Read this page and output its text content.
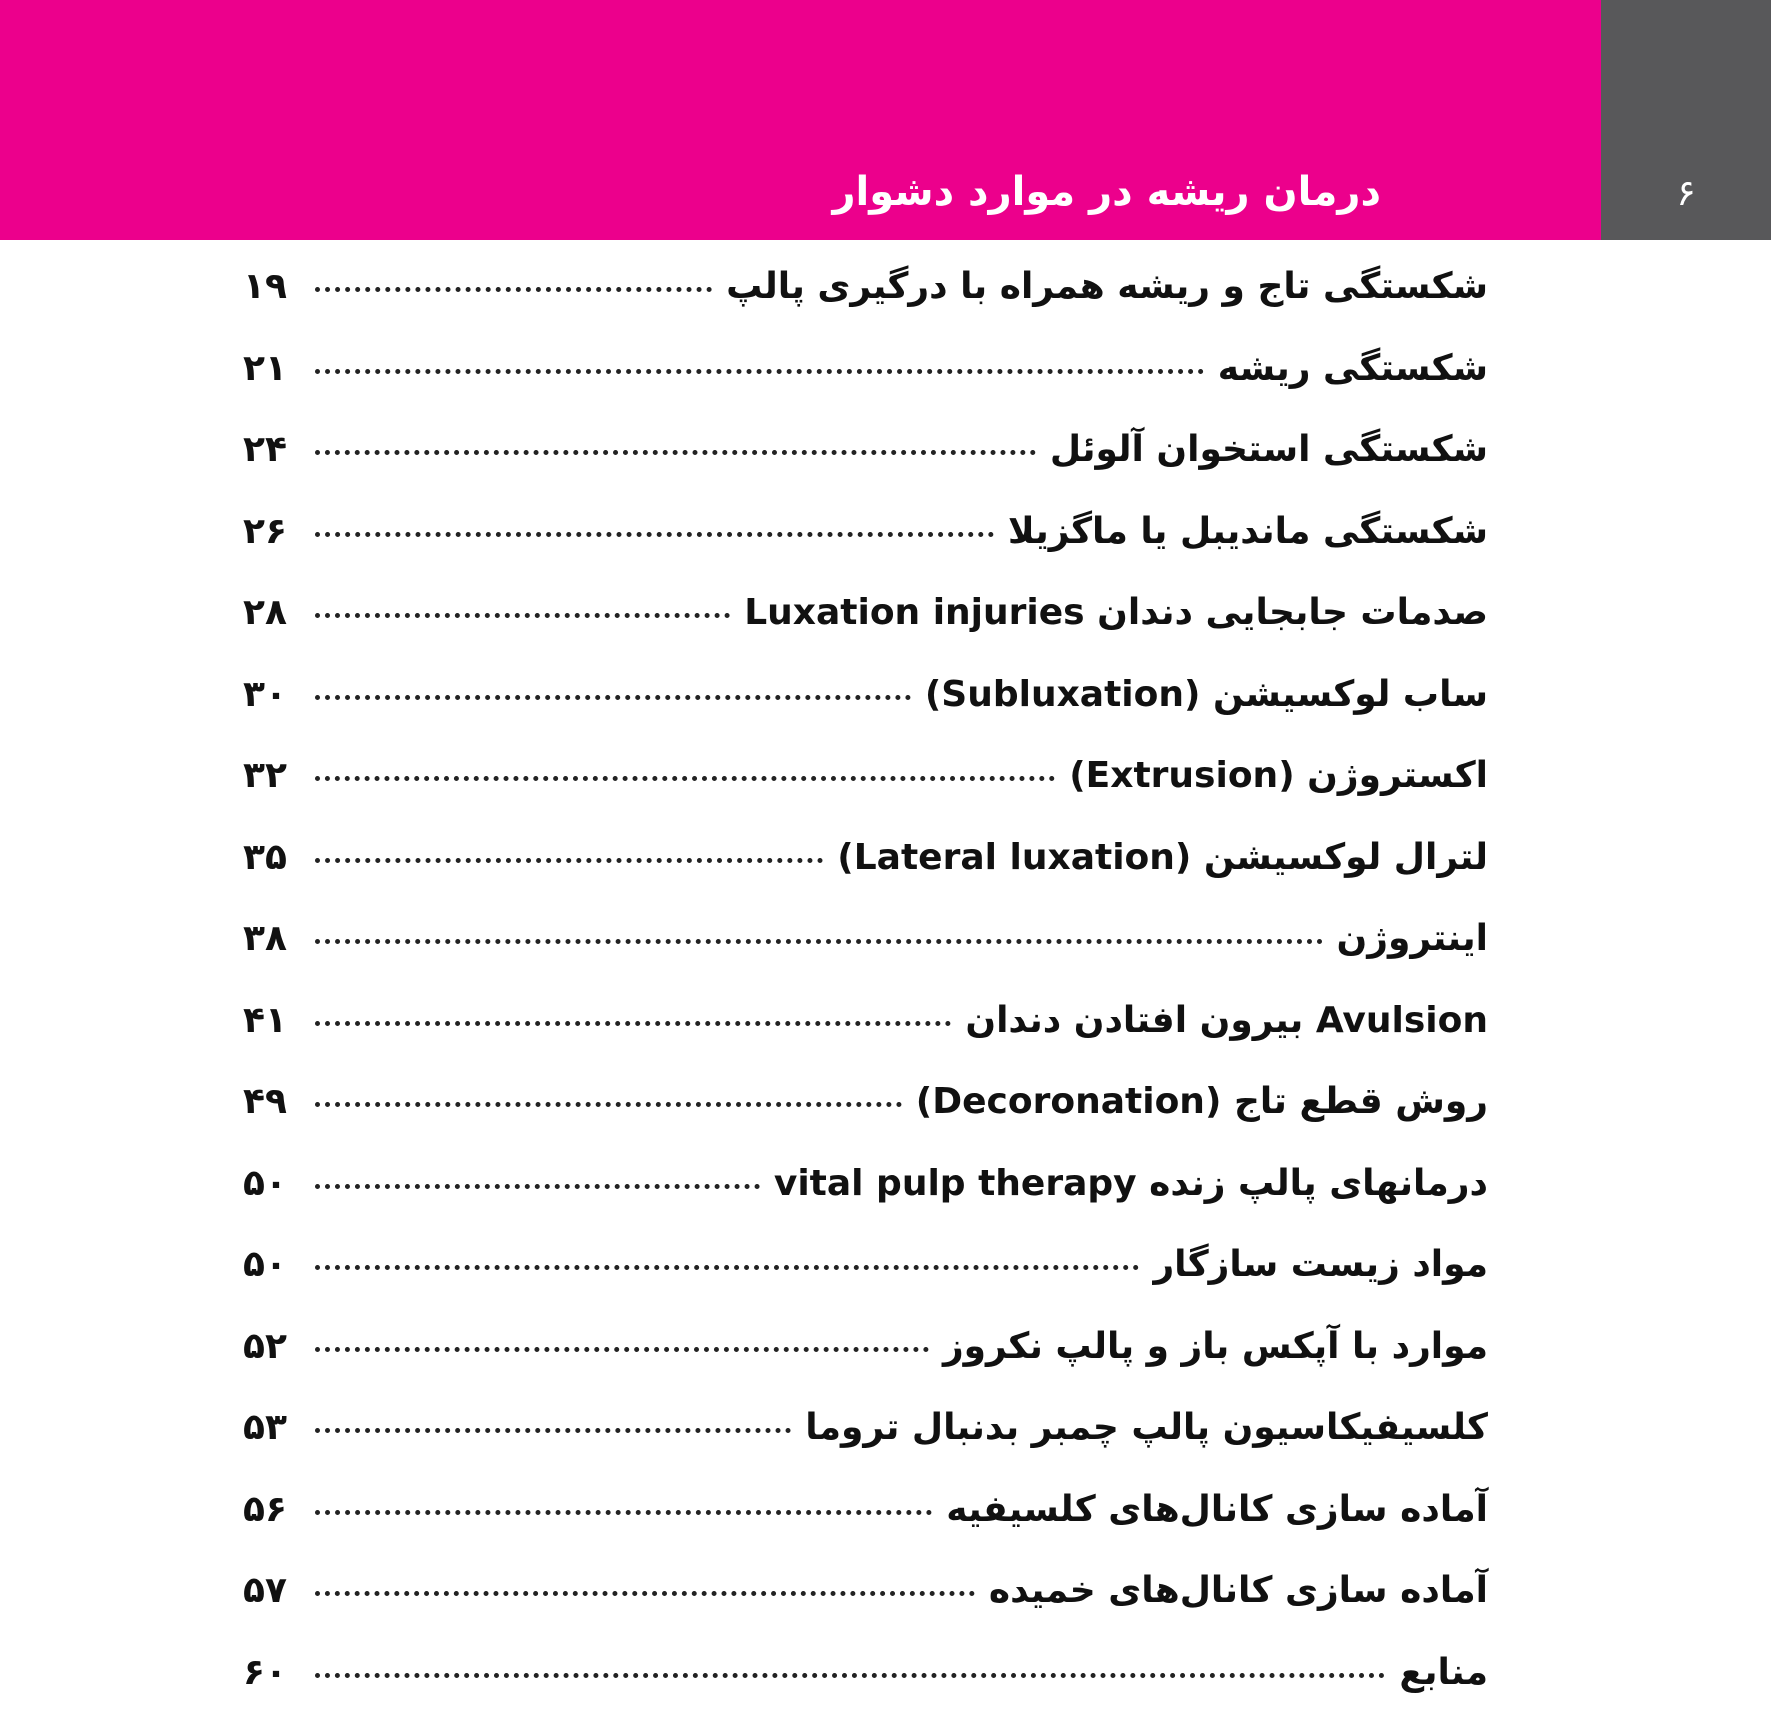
درمان ریشه در موارد دشوار	۶
شکستگی تاج و ریشه همراه با درگیری پالپ
۱۹
شکستگی ریشه
۲۱
شکستگی استخوان آلوئل
۲۴
شکستگی ماندیبل یا ماگزیلا
۲۶
صدمات جابجایی دندان Luxation injuries
۲۸
ساب لوکسیشن (Subluxation)
۳۰
اکستروژن (Extrusion)
۳۲
لترال لوکسیشن (Lateral luxation)
۳۵
اینتروژن
۳۸
Avulsion بیرون افتادن دندان
۴۱
روش قطع تاج (Decoronation)
۴۹
درمانهای پالپ زنده vital pulp therapy
۵۰
مواد زیست سازگار
۵۰
موارد با آپکس باز و پالپ نکروز
۵۲
کلسیفیکاسیون پالپ چمبر بدنبال تروما
۵۳
آماده سازی کانال‌های کلسیفیه
۵۶
آماده سازی کانال‌های خمیده
۵۷
منابع
۶۰
